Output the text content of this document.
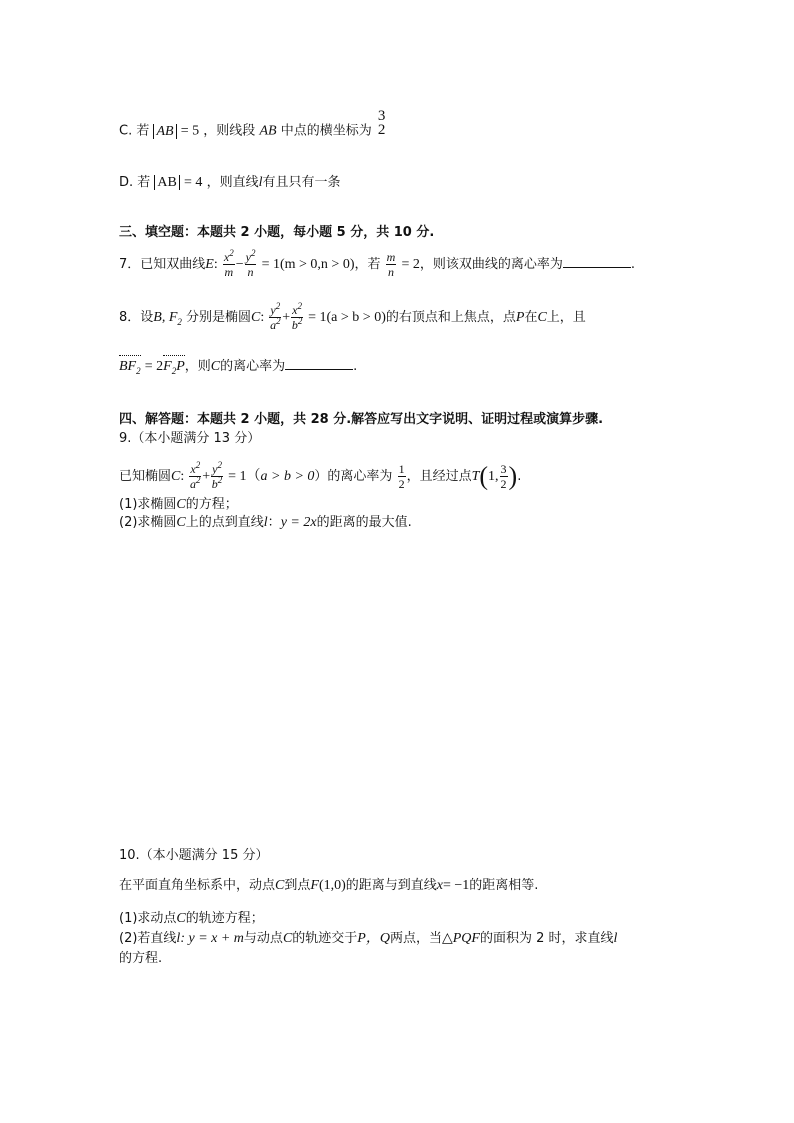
C. 若 AB = 5 ，则线段 AB 中点的横坐标为
3
2
D. 若 AB = 4 ，则直线l有且只有一条
三、填空题：本题共 2 小题，每小题 5 分，共 10 分.
7．已知双曲线E: $\frac{x^2}{m} - \frac{y^2}{n} = 1(m > 0,n > 0)$，若 $\frac{m}{n} = 2$，则该双曲线的离心率为	.
8．设B, $F_2$ 分别是椭圆C: $\frac{y^2}{a^2} + \frac{x^2}{b^2} = 1(a > b > 0)$的右顶点和上焦点，点P在C上，且
$BF_2 = 2F_2P$，则C的离心率为	.
四、解答题：本题共 2 小题，共 28 分.解答应写出文字说明、证明过程或演算步骤.
9.（本小题满分 13 分）
已知椭圆C: $\frac{x^2}{a^2} + \frac{y^2}{b^2} = 1(a > b > 0)$的离心率为 $\frac{1}{2}$ ，且经过点T(1, $\frac{3}{2}$ ).
(1)求椭圆C的方程；
(2)求椭圆C上的点到直线l：y = 2x的距离的最大值.
10.（本小题满分 15 分）
在平面直角坐标系中，动点C到点F(1,0)的距离与到直线x= −1的距离相等.
(1)求动点C的轨迹方程；
(2)若直线l: y = x + m与动点C的轨迹交于P，Q两点，当△PQF的面积为 2 时，求直线l
的方程.
